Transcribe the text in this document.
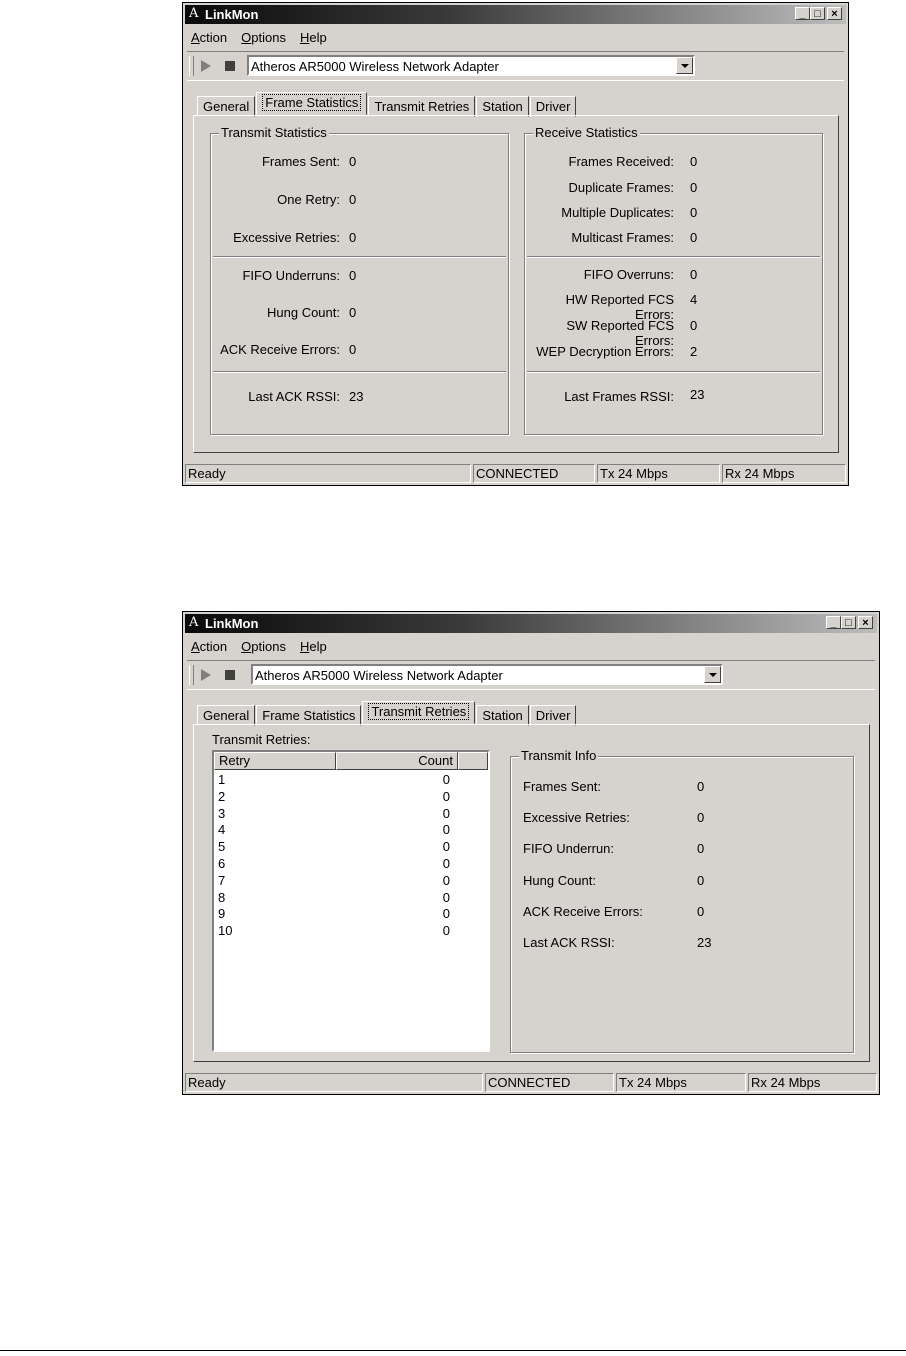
A LinkMon	_ □ ×
Action Options Help
Atheros AR5000 Wireless Network Adapter
General	Frame Statistics	Transmit Retries	Station	Driver
Transmit Statistics
Frames Sent: 0
One Retry: 0
Excessive Retries: 0
FIFO Underruns: 0
Hung Count: 0
ACK Receive Errors: 0
Last ACK RSSI: 23
Receive Statistics
Frames Received: 0
Duplicate Frames: 0
Multiple Duplicates: 0
Multicast Frames: 0
FIFO Overruns: 0
HW Reported FCS Errors:
4
SW Reported FCS Errors:
0
WEP Decryption Errors: 2
Last Frames RSSI: 23
Ready	CONNECTED	Tx 24 Mbps	Rx 24 Mbps
A LinkMon	_ □ ×
Action Options Help
Atheros AR5000 Wireless Network Adapter
General	Frame Statistics	Transmit Retries	Station	Driver
Transmit Retries:
Retry	Count
1	0
2	0
3	0
4	0
5	0
6	0
7	0
8	0
9	0
10	0
Transmit Info
Frames Sent:	0
Excessive Retries:	0
FIFO Underrun:	0
Hung Count:	0
ACK Receive Errors:	0
Last ACK RSSI:	23
Ready	CONNECTED	Tx 24 Mbps	Rx 24 Mbps
